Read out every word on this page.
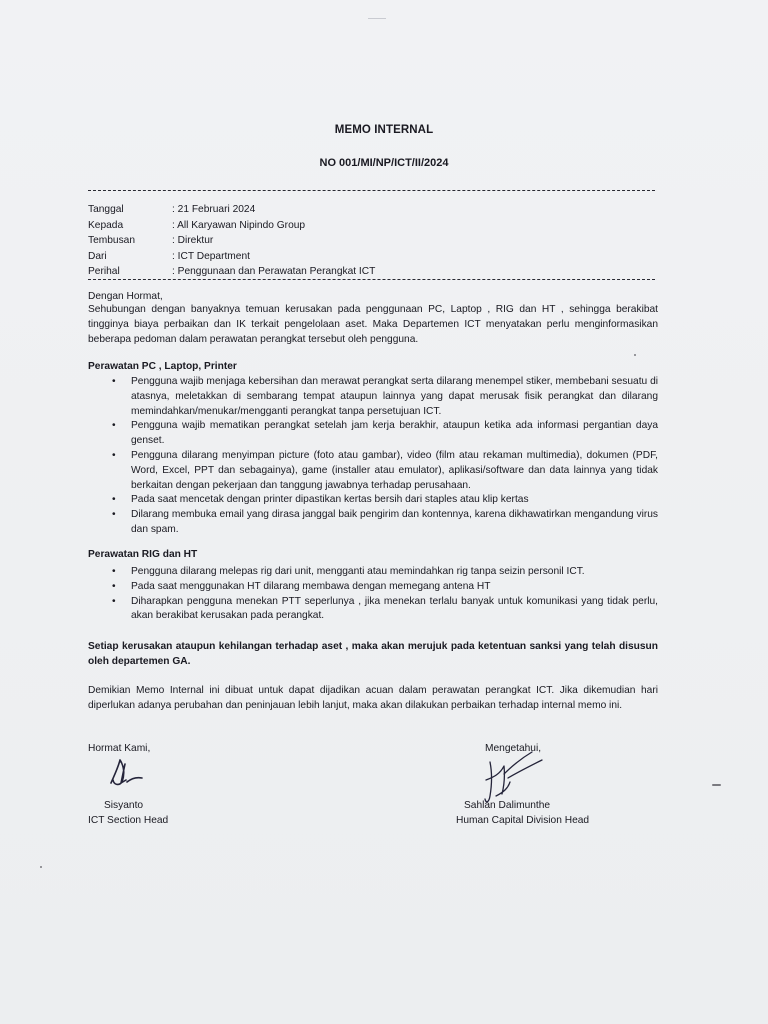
MEMO INTERNAL
NO 001/MI/NP/ICT/II/2024
Tanggal	: 21 Februari 2024
Kepada	: All Karyawan Nipindo Group
Tembusan	: Direktur
Dari	: ICT Department
Perihal	: Penggunaan dan Perawatan Perangkat ICT
Dengan Hormat,
Sehubungan dengan banyaknya temuan kerusakan pada penggunaan PC, Laptop , RIG dan HT , sehingga berakibat tingginya biaya perbaikan dan IK terkait pengelolaan aset. Maka Departemen ICT menyatakan perlu menginformasikan beberapa pedoman dalam perawatan perangkat tersebut oleh pengguna.
Perawatan PC , Laptop, Printer
• Pengguna wajib menjaga kebersihan dan merawat perangkat serta dilarang menempel stiker, membebani sesuatu di atasnya, meletakkan di sembarang tempat ataupun lainnya yang dapat merusak fisik perangkat dan dilarang memindahkan/menukar/mengganti perangkat tanpa persetujuan ICT.
• Pengguna wajib mematikan perangkat setelah jam kerja berakhir, ataupun ketika ada informasi pergantian daya genset.
• Pengguna dilarang menyimpan picture (foto atau gambar), video (film atau rekaman multimedia), dokumen (PDF, Word, Excel, PPT dan sebagainya), game (installer atau emulator), aplikasi/software dan data lainnya yang tidak berkaitan dengan pekerjaan dan tanggung jawabnya terhadap perusahaan.
• Pada saat mencetak dengan printer dipastikan kertas bersih dari staples atau klip kertas
• Dilarang membuka email yang dirasa janggal baik pengirim dan kontennya, karena dikhawatirkan mengandung virus dan spam.
Perawatan RIG dan HT
• Pengguna dilarang melepas rig dari unit, mengganti atau memindahkan rig tanpa seizin personil ICT.
• Pada saat menggunakan HT dilarang membawa dengan memegang antena HT
• Diharapkan pengguna menekan PTT seperlunya , jika menekan terlalu banyak untuk komunikasi yang tidak perlu, akan berakibat kerusakan pada perangkat.
Setiap kerusakan ataupun kehilangan terhadap aset , maka akan merujuk pada ketentuan sanksi yang telah disusun oleh departemen GA.
Demikian Memo Internal ini dibuat untuk dapat dijadikan acuan dalam perawatan perangkat ICT. Jika dikemudian hari diperlukan adanya perubahan dan peninjauan lebih lanjut, maka akan dilakukan perbaikan terhadap internal memo ini.
Hormat Kami,
Sisyanto
ICT Section Head
Mengetahui,
Sahlan Dalimunthe
Human Capital Division Head
